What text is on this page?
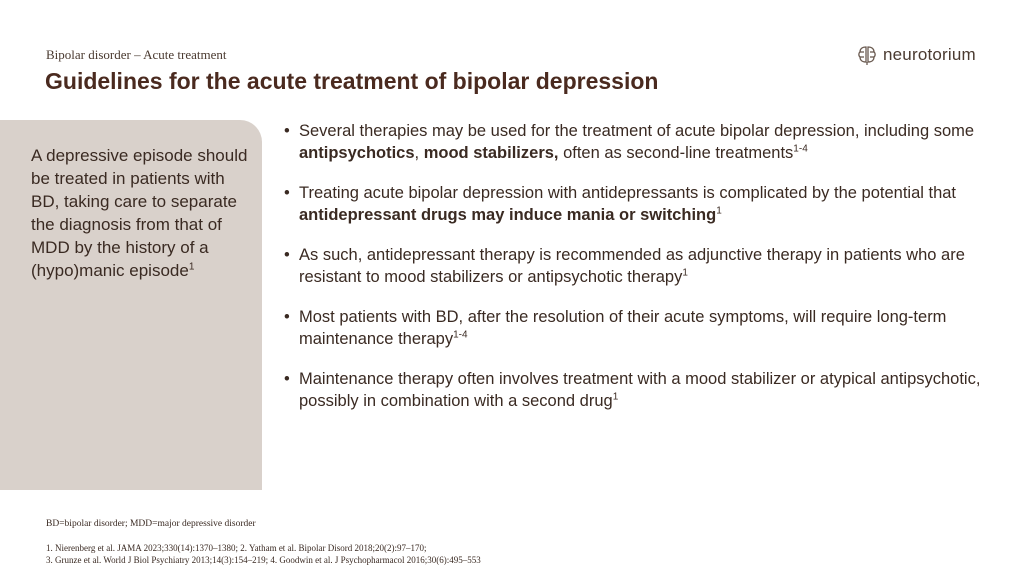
Bipolar disorder – Acute treatment
Guidelines for the acute treatment of bipolar depression
neurotorium
A depressive episode should be treated in patients with BD, taking care to separate the diagnosis from that of MDD by the history of a (hypo)manic episode$^1$
• Several therapies may be used for the treatment of acute bipolar depression, including some antipsychotics, mood stabilizers, often as second-line treatments$^{1-4}$
• Treating acute bipolar depression with antidepressants is complicated by the potential that antidepressant drugs may induce mania or switching$^1$
• As such, antidepressant therapy is recommended as adjunctive therapy in patients who are resistant to mood stabilizers or antipsychotic therapy$^1$
• Most patients with BD, after the resolution of their acute symptoms, will require long-term maintenance therapy$^{1-4}$
• Maintenance therapy often involves treatment with a mood stabilizer or atypical antipsychotic, possibly in combination with a second drug$^1$
BD=bipolar disorder; MDD=major depressive disorder
1. Nierenberg et al. JAMA 2023;330(14):1370–1380; 2. Yatham et al. Bipolar Disord 2018;20(2):97–170;
3. Grunze et al. World J Biol Psychiatry 2013;14(3):154–219; 4. Goodwin et al. J Psychopharmacol 2016;30(6):495–553
